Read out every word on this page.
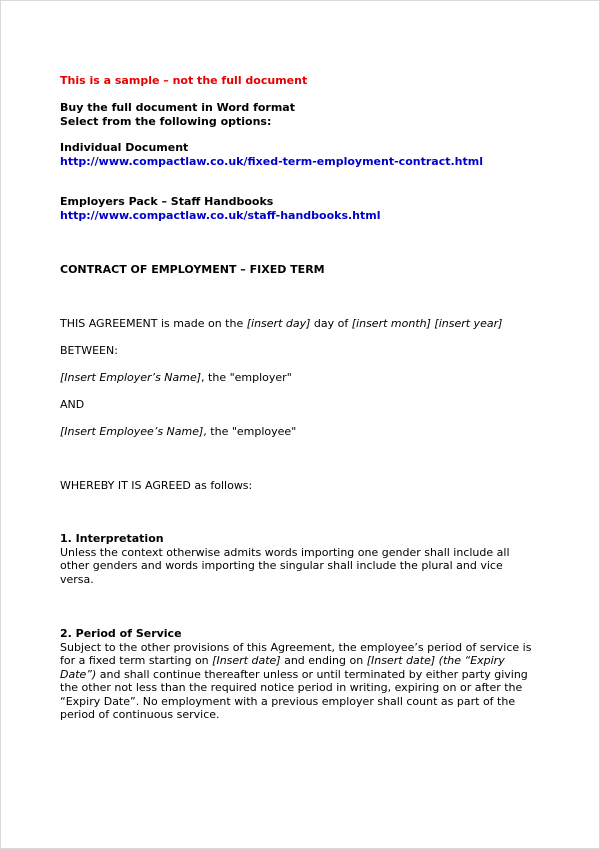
This is a sample – not the full document

Buy the full document in Word format
Select from the following options:

Individual Document
http://www.compactlaw.co.uk/fixed-term-employment-contract.html

Employers Pack – Staff Handbooks
http://www.compactlaw.co.uk/staff-handbooks.html

CONTRACT OF EMPLOYMENT – FIXED TERM

THIS AGREEMENT is made on the [insert day] day of [insert month] [insert year]

BETWEEN:

[Insert Employer’s Name], the "employer"

AND

[Insert Employee’s Name], the "employee"

WHEREBY IT IS AGREED as follows:

1. Interpretation
Unless the context otherwise admits words importing one gender shall include all
other genders and words importing the singular shall include the plural and vice
versa.
2. Period of Service
Subject to the other provisions of this Agreement, the employee’s period of service is
for a fixed term starting on [Insert date] and ending on [Insert date] (the “Expiry
Date”) and shall continue thereafter unless or until terminated by either party giving
the other not less than the required notice period in writing, expiring on or after the
“Expiry Date”. No employment with a previous employer shall count as part of the
period of continuous service.
